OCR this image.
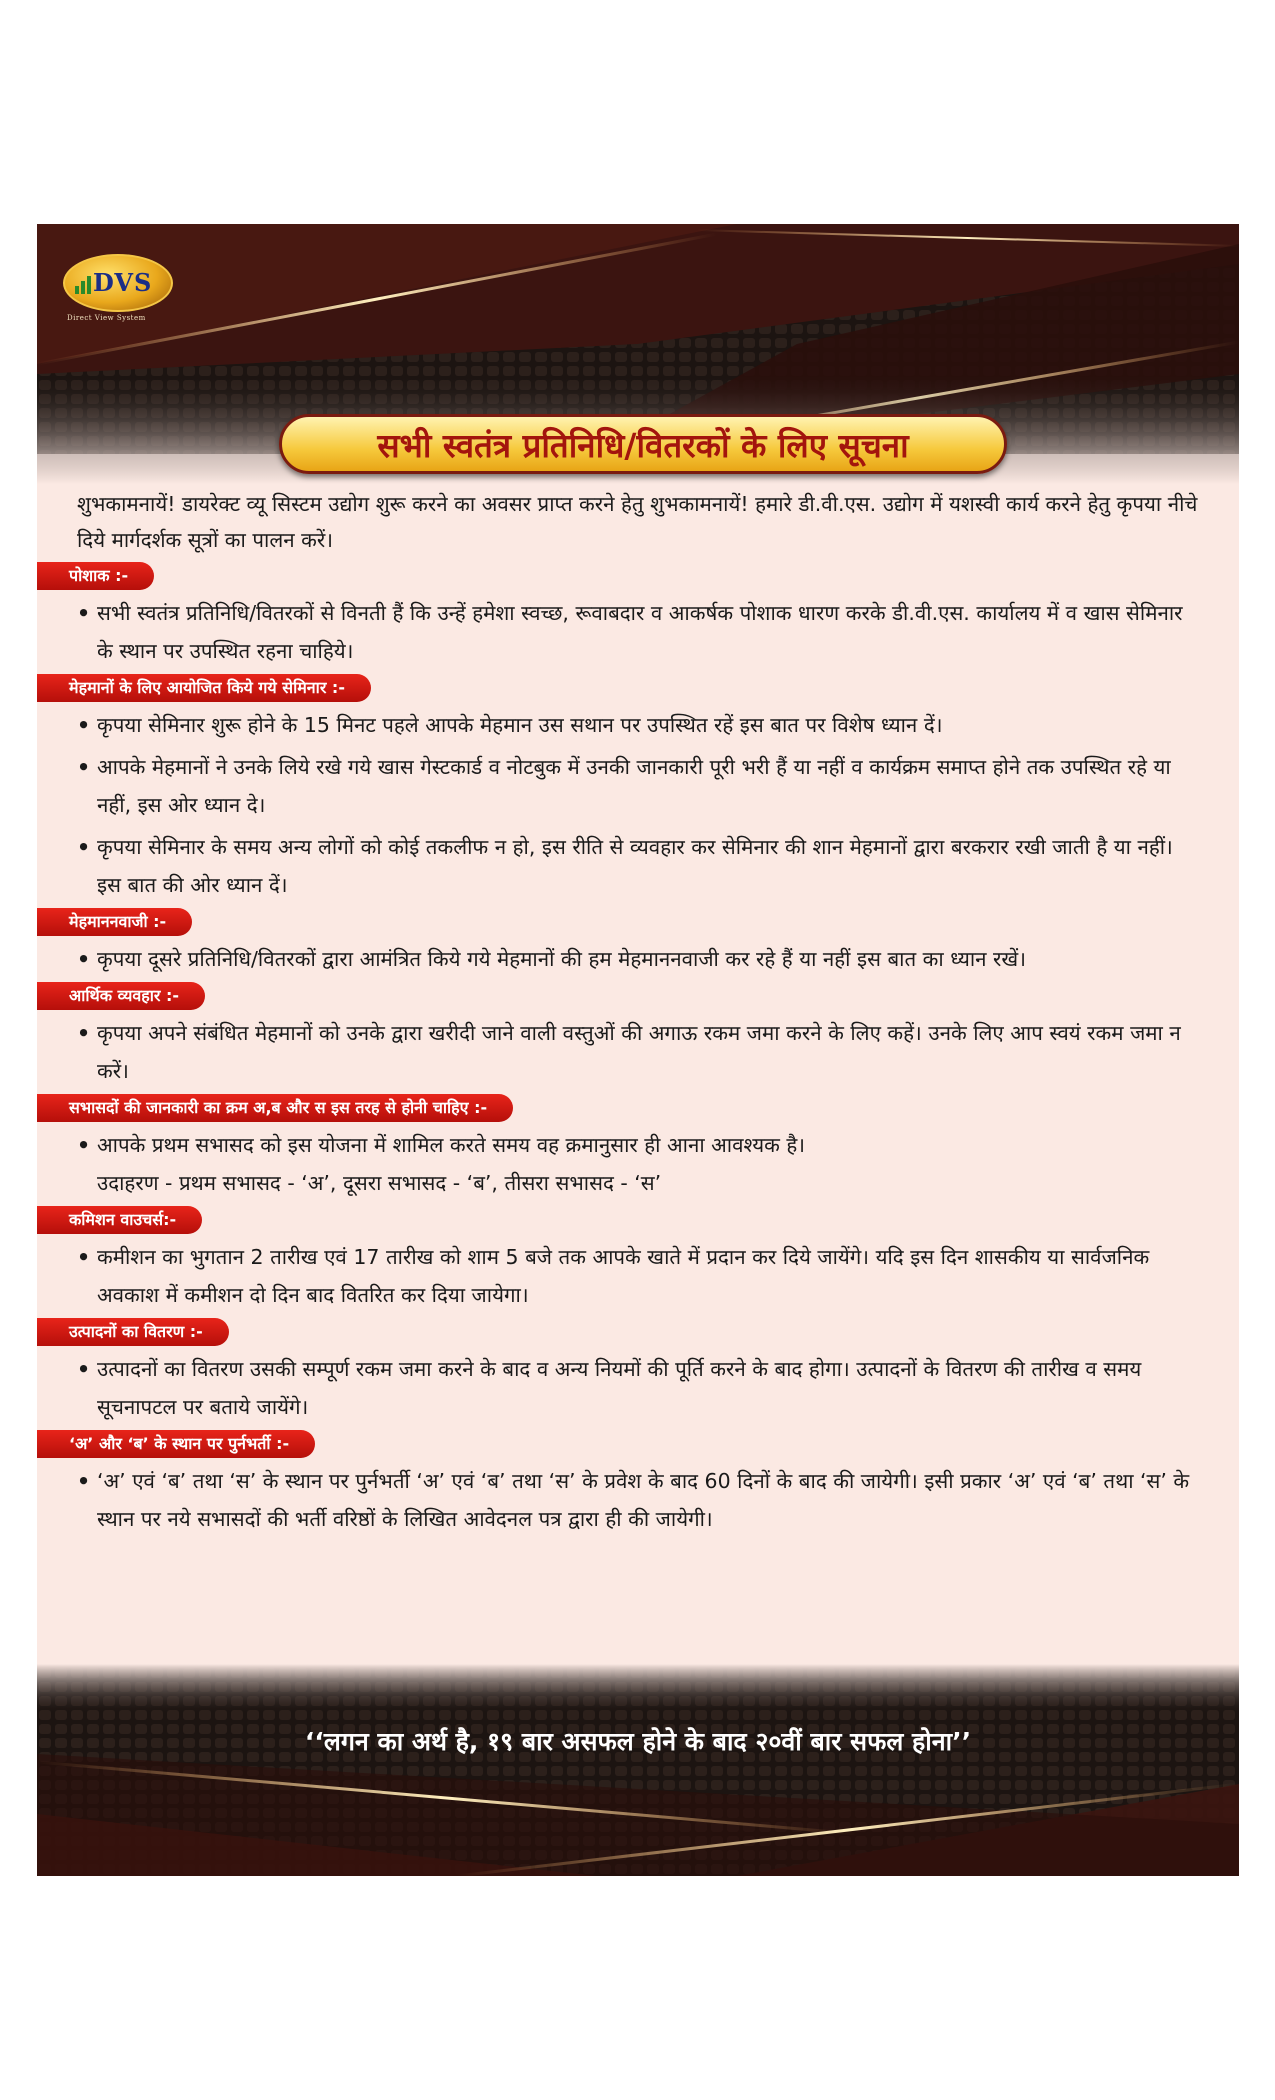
DVS
Direct View System
सभी स्वतंत्र प्रतिनिधि/वितरकों के लिए सूचना
शुभकामनायें! डायरेक्ट व्यू सिस्टम उद्योग शुरू करने का अवसर प्राप्त करने हेतु शुभकामनायें! हमारे डी.वी.एस. उद्योग में यशस्वी कार्य करने हेतु कृपया नीचे दिये मार्गदर्शक सूत्रों का पालन करें।
पोशाक :-
• सभी स्वतंत्र प्रतिनिधि/वितरकों से विनती हैं कि उन्हें हमेशा स्वच्छ, रूवाबदार व आकर्षक पोशाक धारण करके डी.वी.एस. कार्यालय में व खास सेमिनार के स्थान पर उपस्थित रहना चाहिये।
मेहमानों के लिए आयोजित किये गये सेमिनार :-
• कृपया सेमिनार शुरू होने के 15 मिनट पहले आपके मेहमान उस सथान पर उपस्थित रहें इस बात पर विशेष ध्यान दें।
• आपके मेहमानों ने उनके लिये रखे गये खास गेस्टकार्ड व नोटबुक में उनकी जानकारी पूरी भरी हैं या नहीं व कार्यक्रम समाप्त होने तक उपस्थित रहे या नहीं, इस ओर ध्यान दे।
• कृपया सेमिनार के समय अन्य लोगों को कोई तकलीफ न हो, इस रीति से व्यवहार कर सेमिनार की शान मेहमानों द्वारा बरकरार रखी जाती है या नहीं। इस बात की ओर ध्यान दें।
मेहमाननवाजी :-
• कृपया दूसरे प्रतिनिधि/वितरकों द्वारा आमंत्रित किये गये मेहमानों की हम मेहमाननवाजी कर रहे हैं या नहीं इस बात का ध्यान रखें।
आर्थिक व्यवहार :-
• कृपया अपने संबंधित मेहमानों को उनके द्वारा खरीदी जाने वाली वस्तुओं की अगाऊ रकम जमा करने के लिए कहें। उनके लिए आप स्वयं रकम जमा न करें।
सभासदों की जानकारी का क्रम अ,ब और स इस तरह से होनी चाहिए :-
• आपके प्रथम सभासद को इस योजना में शामिल करते समय वह क्रमानुसार ही आना आवश्यक है।
उदाहरण - प्रथम सभासद - ‘अ’, दूसरा सभासद - ‘ब’, तीसरा सभासद - ‘स’
कमिशन वाउचर्स:-
• कमीशन का भुगतान 2 तारीख एवं 17 तारीख को शाम 5 बजे तक आपके खाते में प्रदान कर दिये जायेंगे। यदि इस दिन शासकीय या सार्वजनिक अवकाश में कमीशन दो दिन बाद वितरित कर दिया जायेगा।
उत्पादनों का वितरण :-
• उत्पादनों का वितरण उसकी सम्पूर्ण रकम जमा करने के बाद व अन्य नियमों की पूर्ति करने के बाद होगा। उत्पादनों के वितरण की तारीख व समय सूचनापटल पर बताये जायेंगे।
‘अ’ और ‘ब’ के स्थान पर पुर्नभर्ती :-
• ‘अ’ एवं ‘ब’ तथा ‘स’ के स्थान पर पुर्नभर्ती ‘अ’ एवं ‘ब’ तथा ‘स’ के प्रवेश के बाद 60 दिनों के बाद की जायेगी। इसी प्रकार ‘अ’ एवं ‘ब’ तथा ‘स’ के स्थान पर नये सभासदों की भर्ती वरिष्ठों के लिखित आवेदनल पत्र द्वारा ही की जायेगी।
‘‘लगन का अर्थ है, १९ बार असफल होने के बाद २०वीं बार सफल होना’’
